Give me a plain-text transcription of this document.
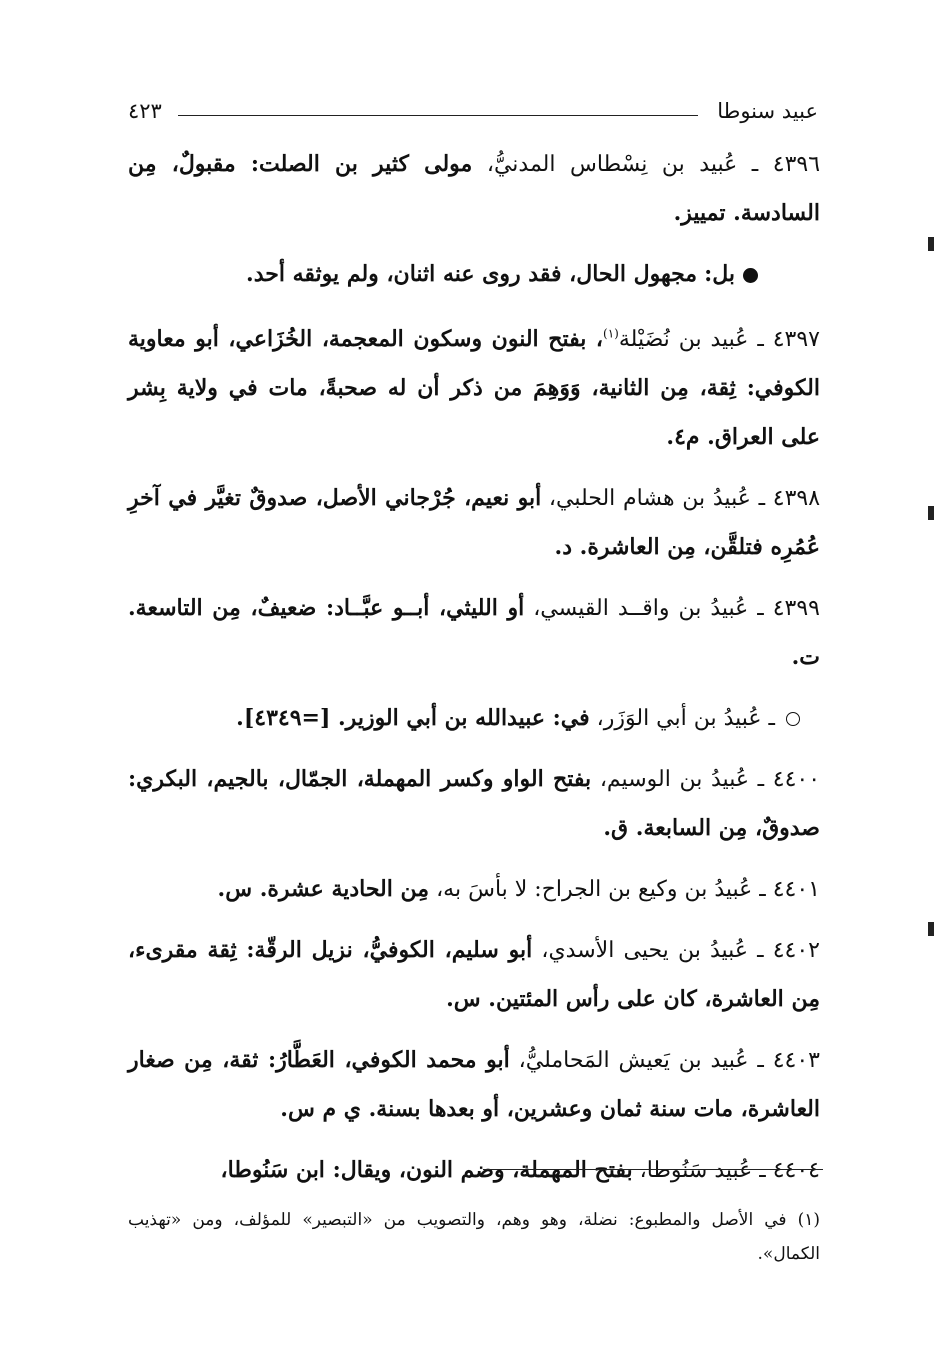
عبيد سنوطا
٤٢٣

٤٣٩٦ ـ عُبيد بن نِسْطاس المدنيُّ، مولى كثير بن الصلت: مقبولٌ، مِن السادسة. تمييز.

بل: مجهول الحال، فقد روى عنه اثنان، ولم يوثقه أحد.

٤٣٩٧ ـ عُبيد بن نُضَيْلة$^{(١)}$، بفتح النون وسكون المعجمة، الخُزَاعي، أبو معاوية الكوفي: ثِقة، مِن الثانية، وَوَهِمَ من ذكر أن له صحبةً، مات في ولاية بِشر على العراق. م٤.

٤٣٩٨ ـ عُبيدُ بن هشام الحلبي، أبو نعيم، جُرْجاني الأصل، صدوقٌ تغيَّر في آخرِ عُمُرِه فتلقَّن، مِن العاشرة. د.

٤٣٩٩ ـ عُبيدُ بن واقــد القيسي، أو الليثي، أبــو عبَّــاد: ضعيفٌ، مِن التاسعة. ت.

ـ عُبيدُ بن أبي الوَزَر، في: عبيدالله بن أبي الوزير. [=٤٣٤٩].

٤٤٠٠ ـ عُبيدُ بن الوسيم، بفتح الواو وكسر المهملة، الجمّال، بالجيم، البكري: صدوقٌ، مِن السابعة. ق.

٤٤٠١ ـ عُبيدُ بن وكيع بن الجراح: لا بأسَ به، مِن الحادية عشرة. س.

٤٤٠٢ ـ عُبيدُ بن يحيى الأسدي، أبو سليم، الكوفيُّ، نزيل الرقّة: ثِقة مقرىء، مِن العاشرة، كان على رأس المئتين. س.

٤٤٠٣ ـ عُبيد بن يَعيش المَحامليُّ، أبو محمد الكوفي، العَطَّارُ: ثقة، مِن صغار العاشرة، مات سنة ثمان وعشرين، أو بعدها بسنة. ي م س.

٤٤٠٤ ـ عُبيد سَنُوطا، بفتح المهملة، وضم النون، ويقال: ابن سَنُوطا،

(١) في الأصل والمطبوع: نضلة، وهو وهم، والتصويب من «التبصير» للمؤلف، ومن «تهذيب الكمال».
